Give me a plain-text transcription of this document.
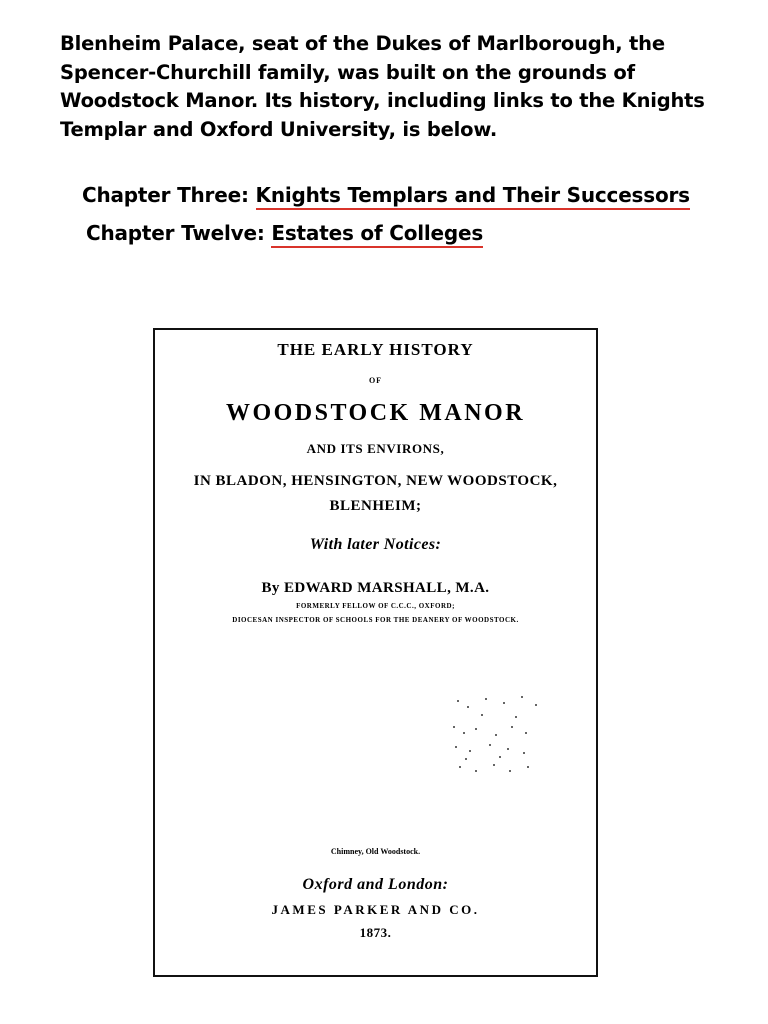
Blenheim Palace, seat of the Dukes of Marlborough, the Spencer-Churchill family, was built on the grounds of Woodstock Manor. Its history, including links to the Knights Templar and Oxford University, is below.

Chapter Three: Knights Templars and Their Successors
Chapter Twelve: Estates of Colleges
THE EARLY HISTORY
OF
WOODSTOCK MANOR
AND ITS ENVIRONS,
IN BLADON, HENSINGTON, NEW WOODSTOCK,
BLENHEIM;
With later Notices:
By EDWARD MARSHALL, M.A.
FORMERLY FELLOW OF C.C.C., OXFORD;
DIOCESAN INSPECTOR OF SCHOOLS FOR THE DEANERY OF WOODSTOCK.
Chimney, Old Woodstock.
Oxford and London:
JAMES PARKER AND CO.
1873.
